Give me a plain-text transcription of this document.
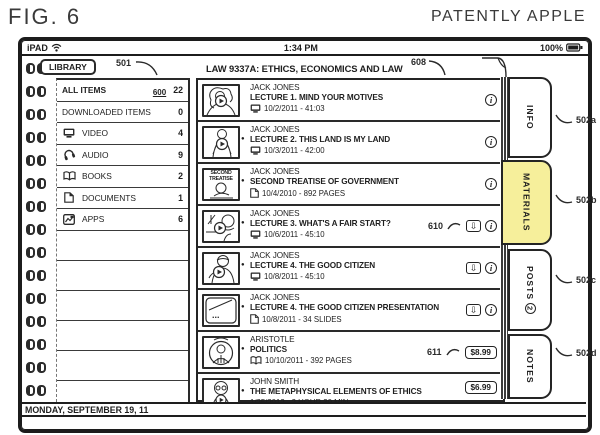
FIG. 6	PATENTLY APPLE
iPAD	1:34 PM	100%
LIBRARY	501	LAW 9337A: ETHICS, ECONOMICS AND LAW
608
ALL ITEMS	600 22
DOWNLOADED ITEMS	0
VIDEO	4
AUDIO	9
BOOKS	2
DOCUMENTS	1
APPS	6
JACK JONES
LECTURE 1. MIND YOUR MOTIVES
10/2/2011 - 41:03
i
JACK JONES
● LECTURE 2. THIS LAND IS MY LAND
10/3/2011 - 42:00
i
SECOND TREATISE
JACK JONES
● SECOND TREATISE OF GOVERNMENT
10/4/2010 - 892 PAGES
i
JACK JONES
● LECTURE 3. WHAT'S A FAIR START?
10/6/2011 - 45:10
610	⇩	i
JACK JONES
● LECTURE 4. THE GOOD CITIZEN
10/8/2011 - 45:10
⇩	i
...
JACK JONES
● LECTURE 4. THE GOOD CITIZEN PRESENTATION
10/8/2011 - 34 SLIDES
⇩	i
ARISTOTLE
● POLITICS
10/10/2011 - 392 PAGES
611	$8.99
JOHN SMITH
● THE METAPHYSICAL ELEMENTS OF ETHICS	$6.99
INFO
MATERIALS
POSTS
2
NOTES
502a
502b
502c
502d
MONDAY, SEPTEMBER 19, 11
